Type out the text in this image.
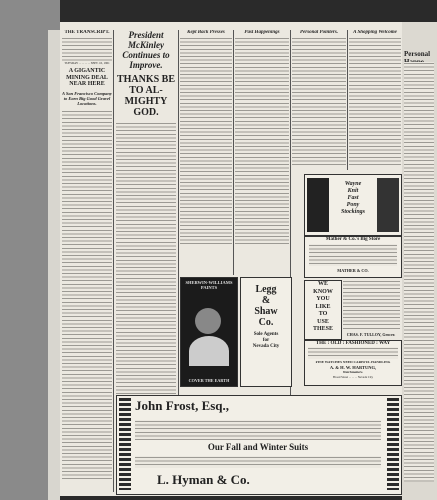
THE TRANSCRIPT.
TUESDAY . . . . . . . . SEPT. 10, 1901
A GIGANTIC MINING DEAL NEAR HERE
A San Francisco Company to Earn Big Good Gravel Locations.
President McKinley Continues to Improve.
THANKS BE TO AL-MIGHTY GOD.
Kept Back Presses	Past Happenings	Personal Pointers.	A Shopping Welcome
Wayne
Knit
Fast
Pony
Stockings
Mather & Co.'s Big Store
MATHER & CO.
SHERWIN-WILLIAMS PAINTS
COVER THE EARTH
Legg
&
Shaw
Co.
Sole Agents
for
Nevada City
WE
KNOW
YOU
LIKE
TO
USE
THESE
CHAS. F. TULLOY, Grocer.
THE : OLD : FASHIONED : WAY
FINE WATCHES NEED CAREFUL HANDLING
A. & H. W. HARTUNG,
Watchmakers.
Broad Street . . . . . . Nevada City
John Frost, Esq.,
Our Fall and Winter Suits
L. Hyman & Co.
Personal
